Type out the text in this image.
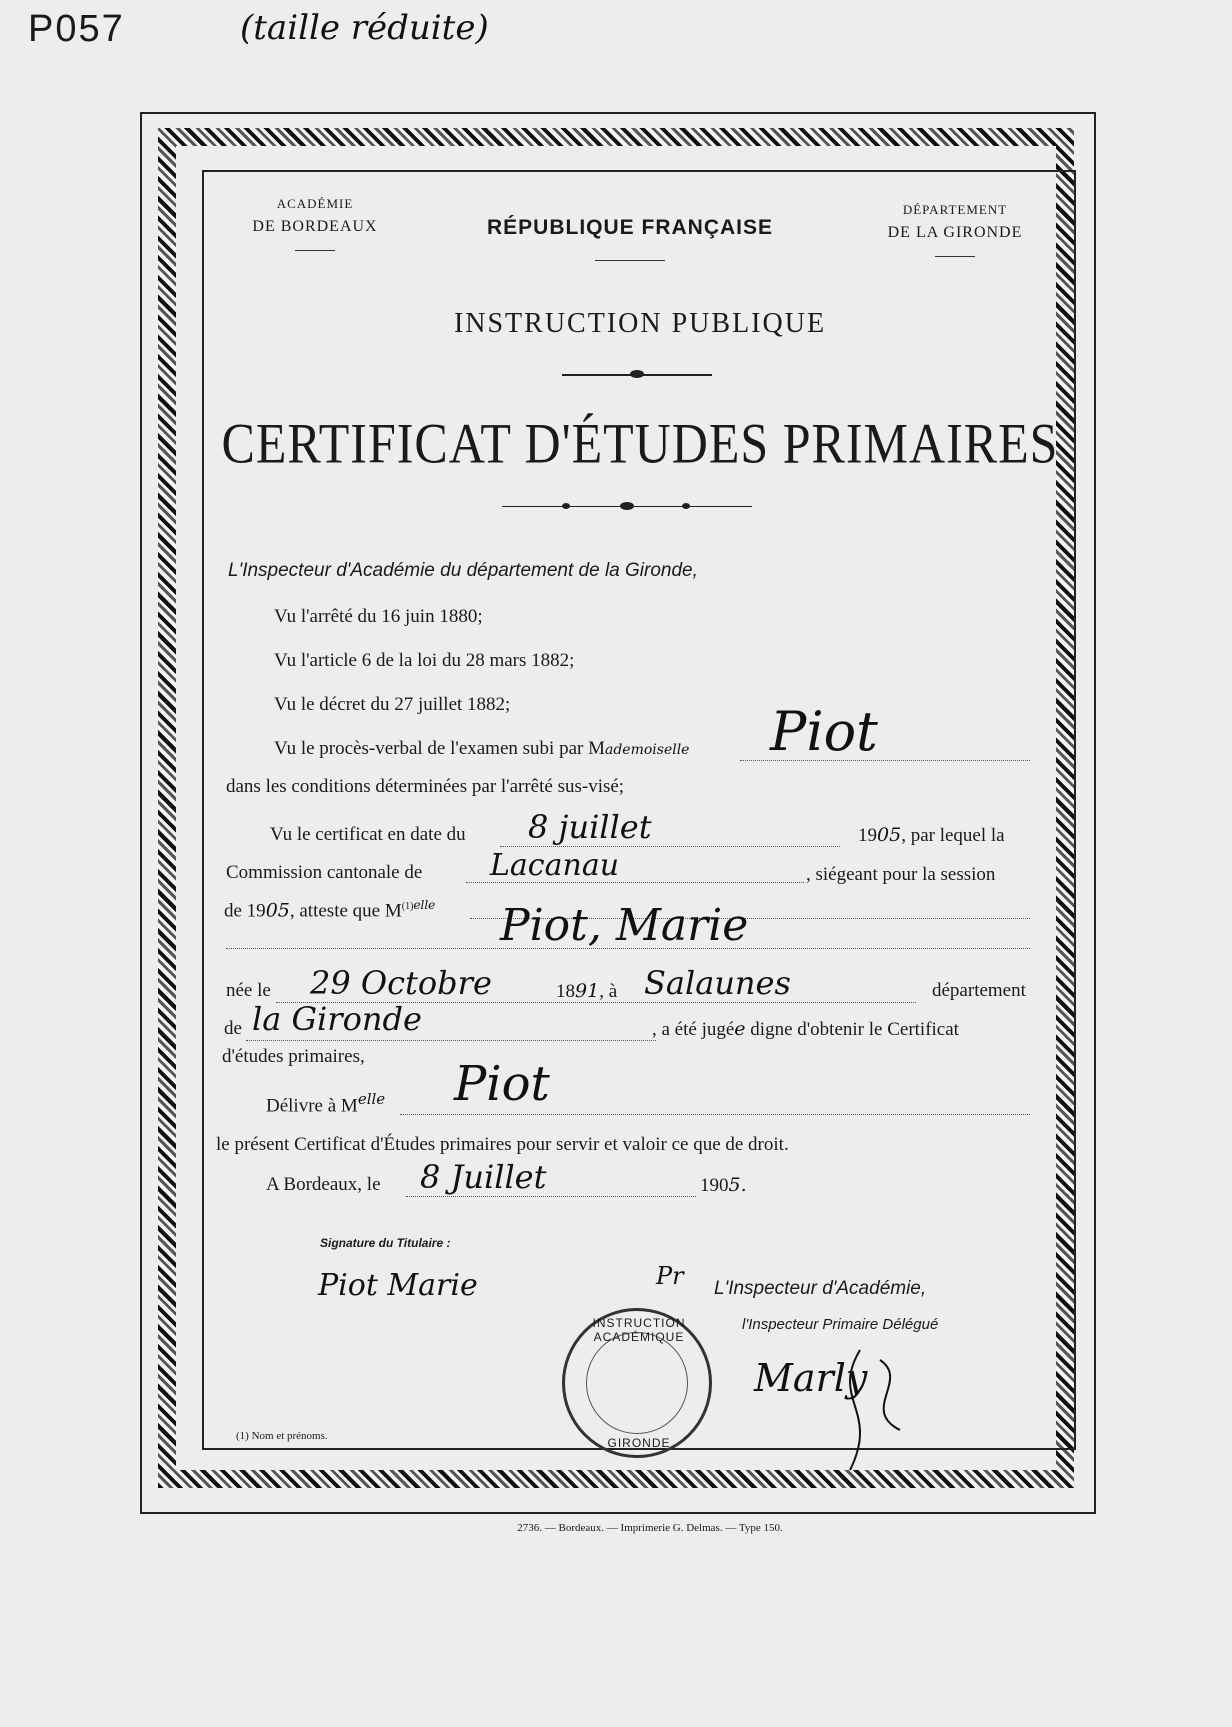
P057	(taille réduite)
ACADÉMIE
DE BORDEAUX	RÉPUBLIQUE FRANÇAISE
DÉPARTEMENT
DE LA GIRONDE
INSTRUCTION PUBLIQUE
CERTIFICAT D'ÉTUDES PRIMAIRES
L'Inspecteur d'Académie du département de la Gironde,
Vu l'arrêté du 16 juin 1880;
Vu l'article 6 de la loi du 28 mars 1882;
Vu le décret du 27 juillet 1882;
Vu le procès-verbal de l'examen subi par Mademoiselle Piot
dans les conditions déterminées par l'arrêté sus-visé;
Vu le certificat en date du 8 juillet	1905, par lequel la
Commission cantonale de Lacanau	, siégeant pour la session
de 1905, atteste que $M^{(1)elle}$ Piot, Marie
née le 29 Octobre	1891, à Salaunes	département
de la Gironde	, a été jugée digne d'obtenir le Certificat
d'études primaires,
Délivre à $M^{elle}$ Piot
le présent Certificat d'Études primaires pour servir et valoir ce que de droit.
A Bordeaux, le 8 Juillet	1905.
Signature du Titulaire :
Piot Marie	Pr L'Inspecteur d'Académie,
l'Inspecteur Primaire Délégué
Marly
INSTRUCTION ACADÉMIQUE
GIRONDE
(1) Nom et prénoms.
2736. — Bordeaux. — Imprimerie G. Delmas. — Type 150.
